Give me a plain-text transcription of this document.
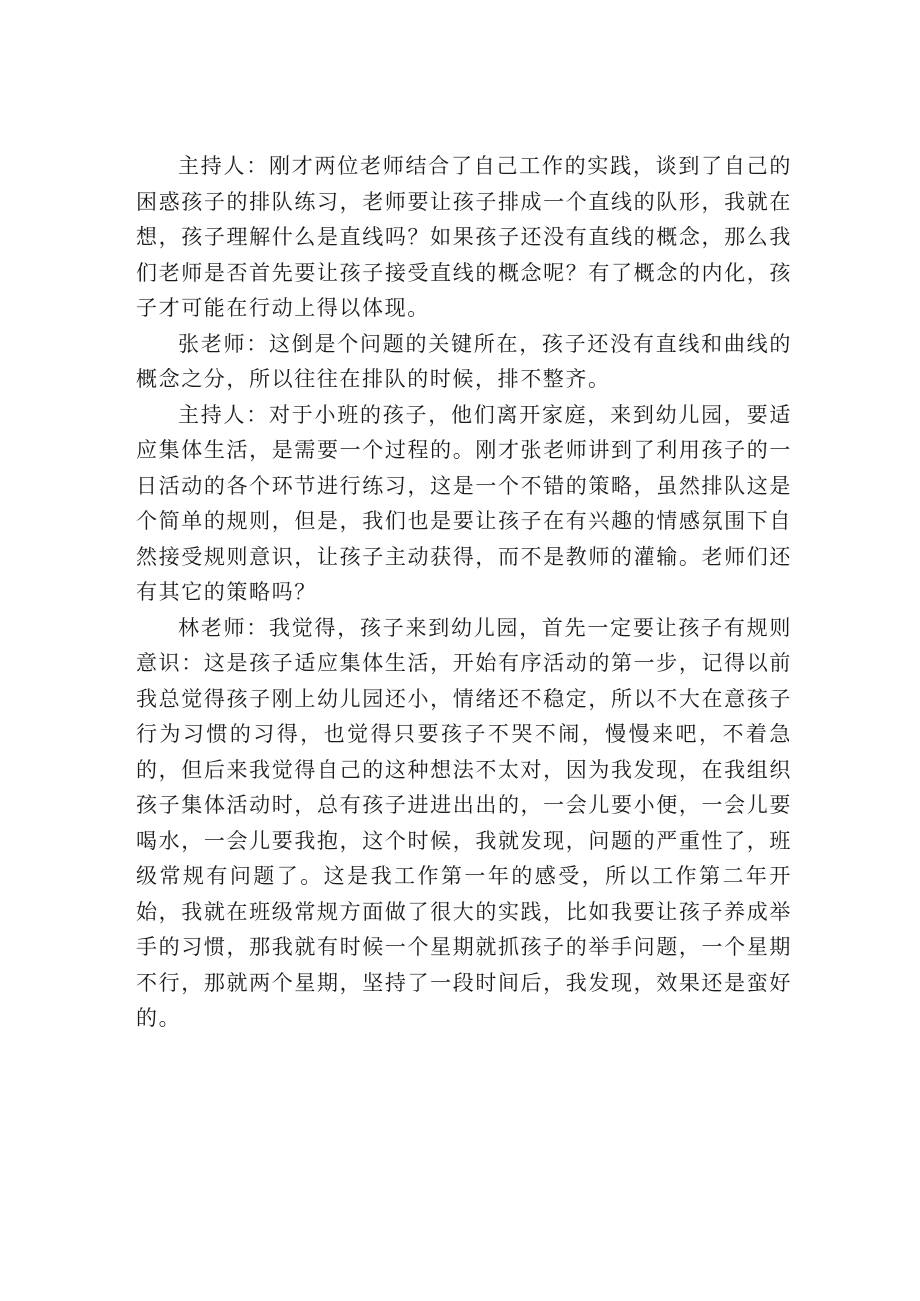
主持人：刚才两位老师结合了自己工作的实践，谈到了自己的困惑孩子的排队练习，老师要让孩子排成一个直线的队形，我就在想，孩子理解什么是直线吗？如果孩子还没有直线的概念，那么我们老师是否首先要让孩子接受直线的概念呢？有了概念的内化，孩子才可能在行动上得以体现。

张老师：这倒是个问题的关键所在，孩子还没有直线和曲线的概念之分，所以往往在排队的时候，排不整齐。

主持人：对于小班的孩子，他们离开家庭，来到幼儿园，要适应集体生活，是需要一个过程的。刚才张老师讲到了利用孩子的一日活动的各个环节进行练习，这是一个不错的策略，虽然排队这是个简单的规则，但是，我们也是要让孩子在有兴趣的情感氛围下自然接受规则意识，让孩子主动获得，而不是教师的灌输。老师们还有其它的策略吗？

林老师：我觉得，孩子来到幼儿园，首先一定要让孩子有规则意识：这是孩子适应集体生活，开始有序活动的第一步，记得以前我总觉得孩子刚上幼儿园还小，情绪还不稳定，所以不大在意孩子行为习惯的习得，也觉得只要孩子不哭不闹，慢慢来吧，不着急的，但后来我觉得自己的这种想法不太对，因为我发现，在我组织孩子集体活动时，总有孩子进进出出的，一会儿要小便，一会儿要喝水，一会儿要我抱，这个时候，我就发现，问题的严重性了，班级常规有问题了。这是我工作第一年的感受，所以工作第二年开始，我就在班级常规方面做了很大的实践，比如我要让孩子养成举手的习惯，那我就有时候一个星期就抓孩子的举手问题，一个星期不行，那就两个星期，坚持了一段时间后，我发现，效果还是蛮好的。
